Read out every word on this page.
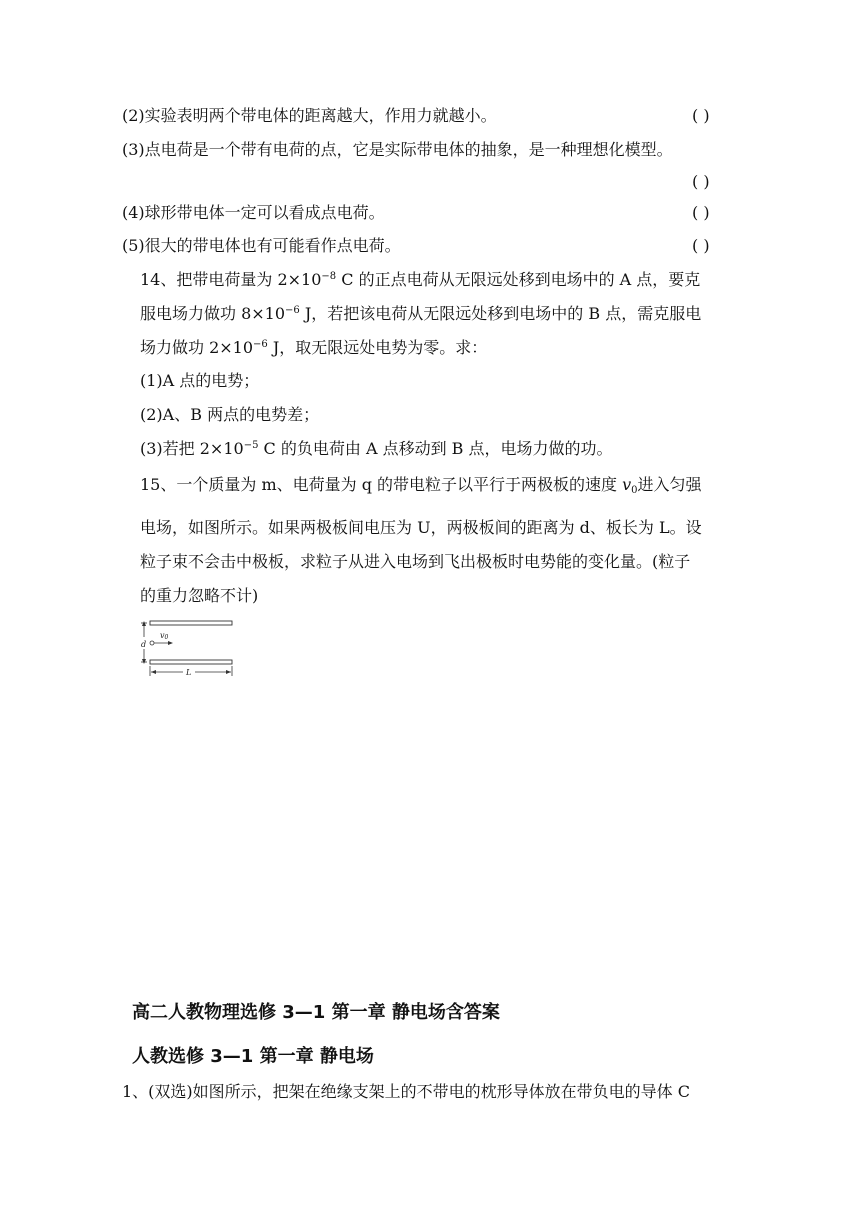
(2)实验表明两个带电体的距离越大，作用力就越小。	( )
(3)点电荷是一个带有电荷的点，它是实际带电体的抽象，是一种理想化模型。
( )
(4)球形带电体一定可以看成点电荷。	( )
(5)很大的带电体也有可能看作点电荷。	( )
14、把带电荷量为 $2\times 10^{-8}$ C 的正点电荷从无限远处移到电场中的 A 点，要克
服电场力做功 $8\times 10^{-6}$ J，若把该电荷从无限远处移到电场中的 B 点，需克服电
场力做功 $2\times 10^{-6}$ J，取无限远处电势为零。求：
(1)A 点的电势；
(2)A、B 两点的电势差；
(3)若把 $2\times 10^{-5}$ C 的负电荷由 A 点移动到 B 点，电场力做的功。
15、一个质量为 m、电荷量为 q 的带电粒子以平行于两极板的速度 $v_0$进入匀强
电场，如图所示。如果两极板间电压为 U，两极板间的距离为 d、板长为 L。设
粒子束不会击中极板，求粒子从进入电场到飞出极板时电势能的变化量。(粒子
的重力忽略不计)
v0
d
L
高二人教物理选修 3—1 第一章 静电场含答案
人教选修 3—1 第一章 静电场
1、(双选)如图所示，把架在绝缘支架上的不带电的枕形导体放在带负电的导体 C
